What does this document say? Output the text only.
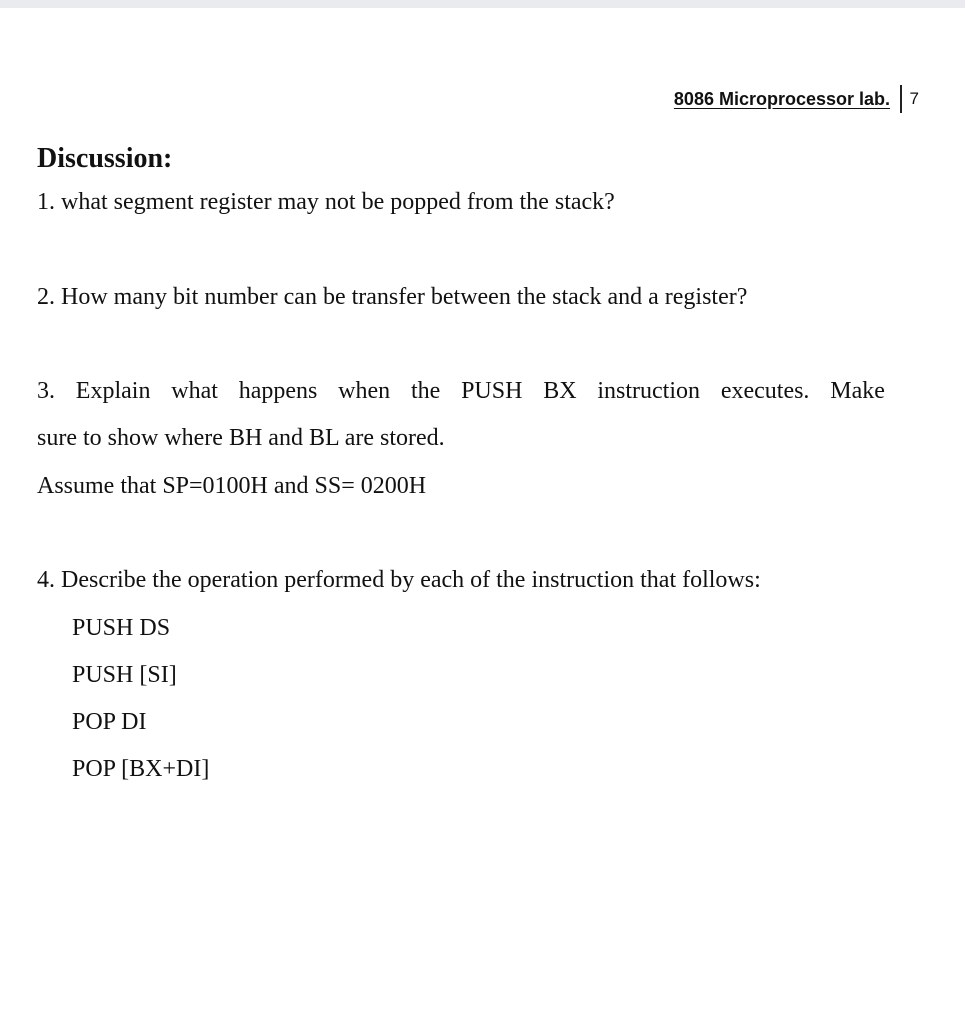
8086 Microprocessor lab. 7
Discussion:

1. what segment register may not be popped from the stack?

2. How many bit number can be transfer between the stack and a register?

3. Explain what happens when the PUSH BX instruction executes. Make

sure to show where BH and BL are stored.

Assume that SP=0100H and SS= 0200H

4. Describe the operation performed by each of the instruction that follows:

PUSH DS

PUSH [SI]

POP DI

POP [BX+DI]
